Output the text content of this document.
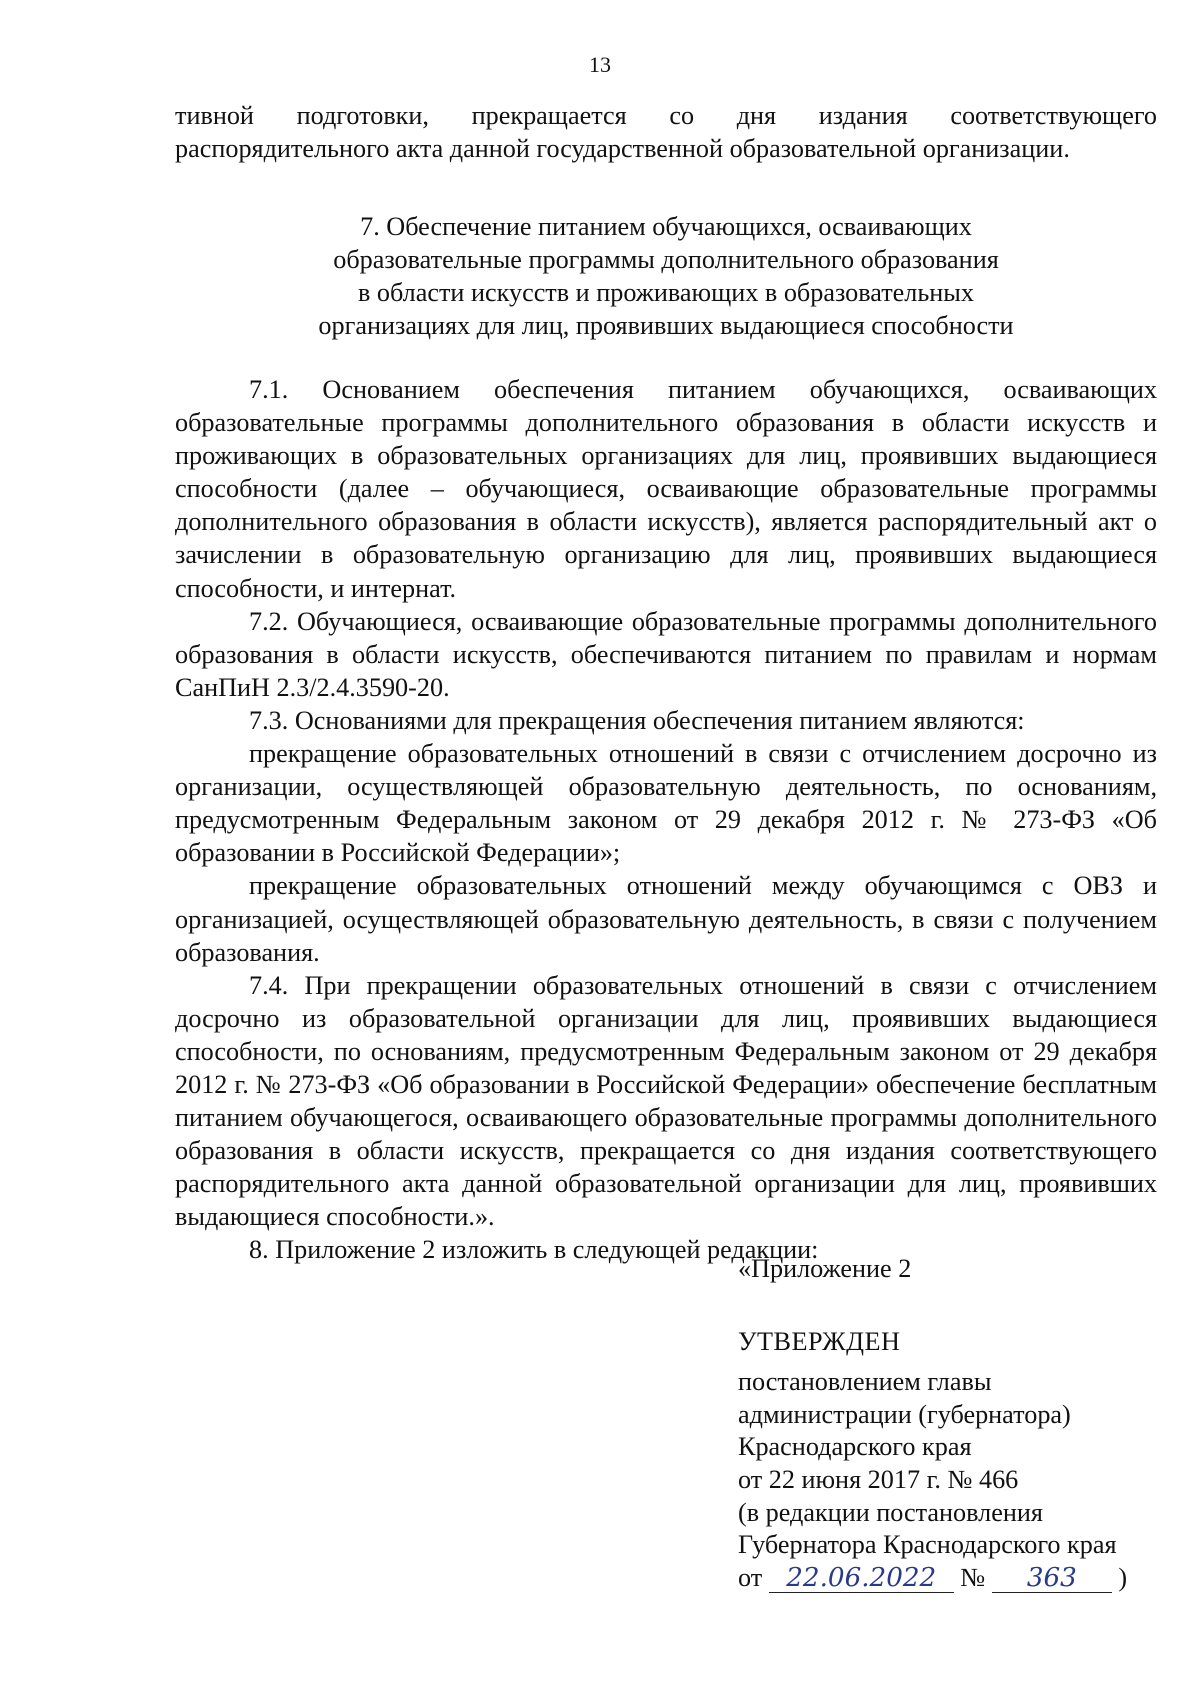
13

тивной подготовки, прекращается со дня издания соответствующего распорядительного акта данной государственной образовательной организации.

7. Обеспечение питанием обучающихся, осваивающих
образовательные программы дополнительного образования
в области искусств и проживающих в образовательных
организациях для лиц, проявивших выдающиеся способности

7.1. Основанием обеспечения питанием обучающихся, осваивающих образовательные программы дополнительного образования в области искусств и проживающих в образовательных организациях для лиц, проявивших выдающиеся способности (далее – обучающиеся, осваивающие образовательные программы дополнительного образования в области искусств), является распорядительный акт о зачислении в образовательную организацию для лиц, проявивших выдающиеся способности, и интернат.

7.2. Обучающиеся, осваивающие образовательные программы дополнительного образования в области искусств, обеспечиваются питанием по правилам и нормам СанПиН 2.3/2.4.3590-20.

7.3. Основаниями для прекращения обеспечения питанием являются:

прекращение образовательных отношений в связи с отчислением досрочно из организации, осуществляющей образовательную деятельность, по основаниям, предусмотренным Федеральным законом от 29 декабря 2012 г. № 273-ФЗ «Об образовании в Российской Федерации»;

прекращение образовательных отношений между обучающимся с ОВЗ и организацией, осуществляющей образовательную деятельность, в связи с получением образования.

7.4. При прекращении образовательных отношений в связи с отчислением досрочно из образовательной организации для лиц, проявивших выдающиеся способности, по основаниям, предусмотренным Федеральным законом от 29 декабря 2012 г. № 273-ФЗ «Об образовании в Российской Федерации» обеспечение бесплатным питанием обучающегося, осваивающего образовательные программы дополнительного образования в области искусств, прекращается со дня издания соответствующего распорядительного акта данной образовательной организации для лиц, проявивших выдающиеся способности.».

8. Приложение 2 изложить в следующей редакции:

«Приложение 2
УТВЕРЖДЕН
постановлением главы
администрации (губернатора)
Краснодарского края
от 22 июня 2017 г. № 466
(в редакции постановления
Губернатора Краснодарского края
от 22.06.2022 № 363 )
